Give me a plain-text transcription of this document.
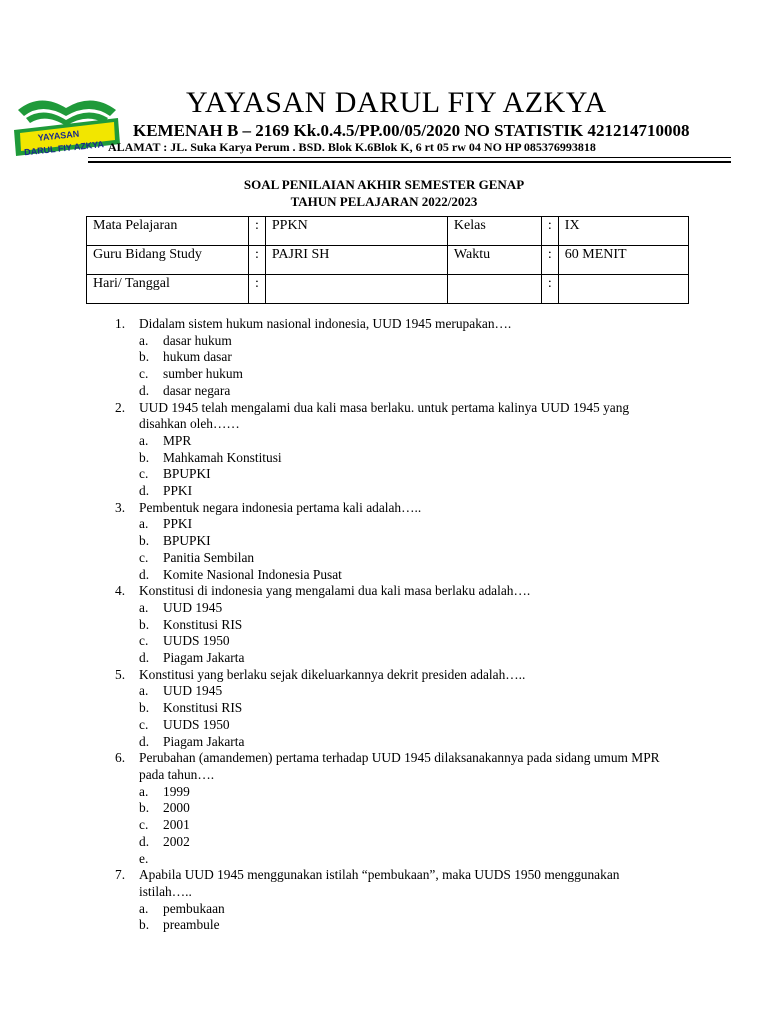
YAYASAN
DARUL FIY AZKYA
YAYASAN DARUL FIY AZKYA
KEMENAH B – 2169 Kk.0.4.5/PP.00/05/2020 NO STATISTIK 421214710008
ALAMAT : JL. Suka Karya Perum . BSD. Blok K.6Blok K, 6 rt 05 rw 04 NO HP 085376993818
SOAL PENILAIAN AKHIR SEMESTER GENAP
TAHUN PELAJARAN 2022/2023
Mata Pelajaran	:	PPKN	Kelas	:	IX
Guru Bidang Study	:	PAJRI SH	Waktu	:	60 MENIT
Hari/ Tanggal	:			:	
1.	Didalam sistem hukum nasional indonesia, UUD 1945 merupakan….
a.	dasar hukum
b.	hukum dasar
c.	sumber hukum
d.	dasar negara
2.	UUD 1945 telah mengalami dua kali masa berlaku. untuk pertama kalinya UUD 1945 yang disahkan oleh……
a.	MPR
b.	Mahkamah Konstitusi
c.	BPUPKI
d.	PPKI
3.	Pembentuk negara indonesia pertama kali adalah…..
a.	PPKI
b.	BPUPKI
c.	Panitia Sembilan
d.	Komite Nasional Indonesia Pusat
4.	Konstitusi di indonesia yang mengalami dua kali masa berlaku adalah….
a.	UUD 1945
b.	Konstitusi RIS
c.	UUDS 1950
d.	Piagam Jakarta
5.	Konstitusi yang berlaku sejak dikeluarkannya dekrit presiden adalah…..
a.	UUD 1945
b.	Konstitusi RIS
c.	UUDS 1950
d.	Piagam Jakarta
6.	Perubahan (amandemen) pertama terhadap UUD 1945 dilaksanakannya pada sidang umum MPR pada tahun….
a.	1999
b.	2000
c.	2001
d.	2002
e.
7.	Apabila UUD 1945 menggunakan istilah “pembukaan”, maka UUDS 1950 menggunakan istilah…..
a.	pembukaan
b.	preambule
